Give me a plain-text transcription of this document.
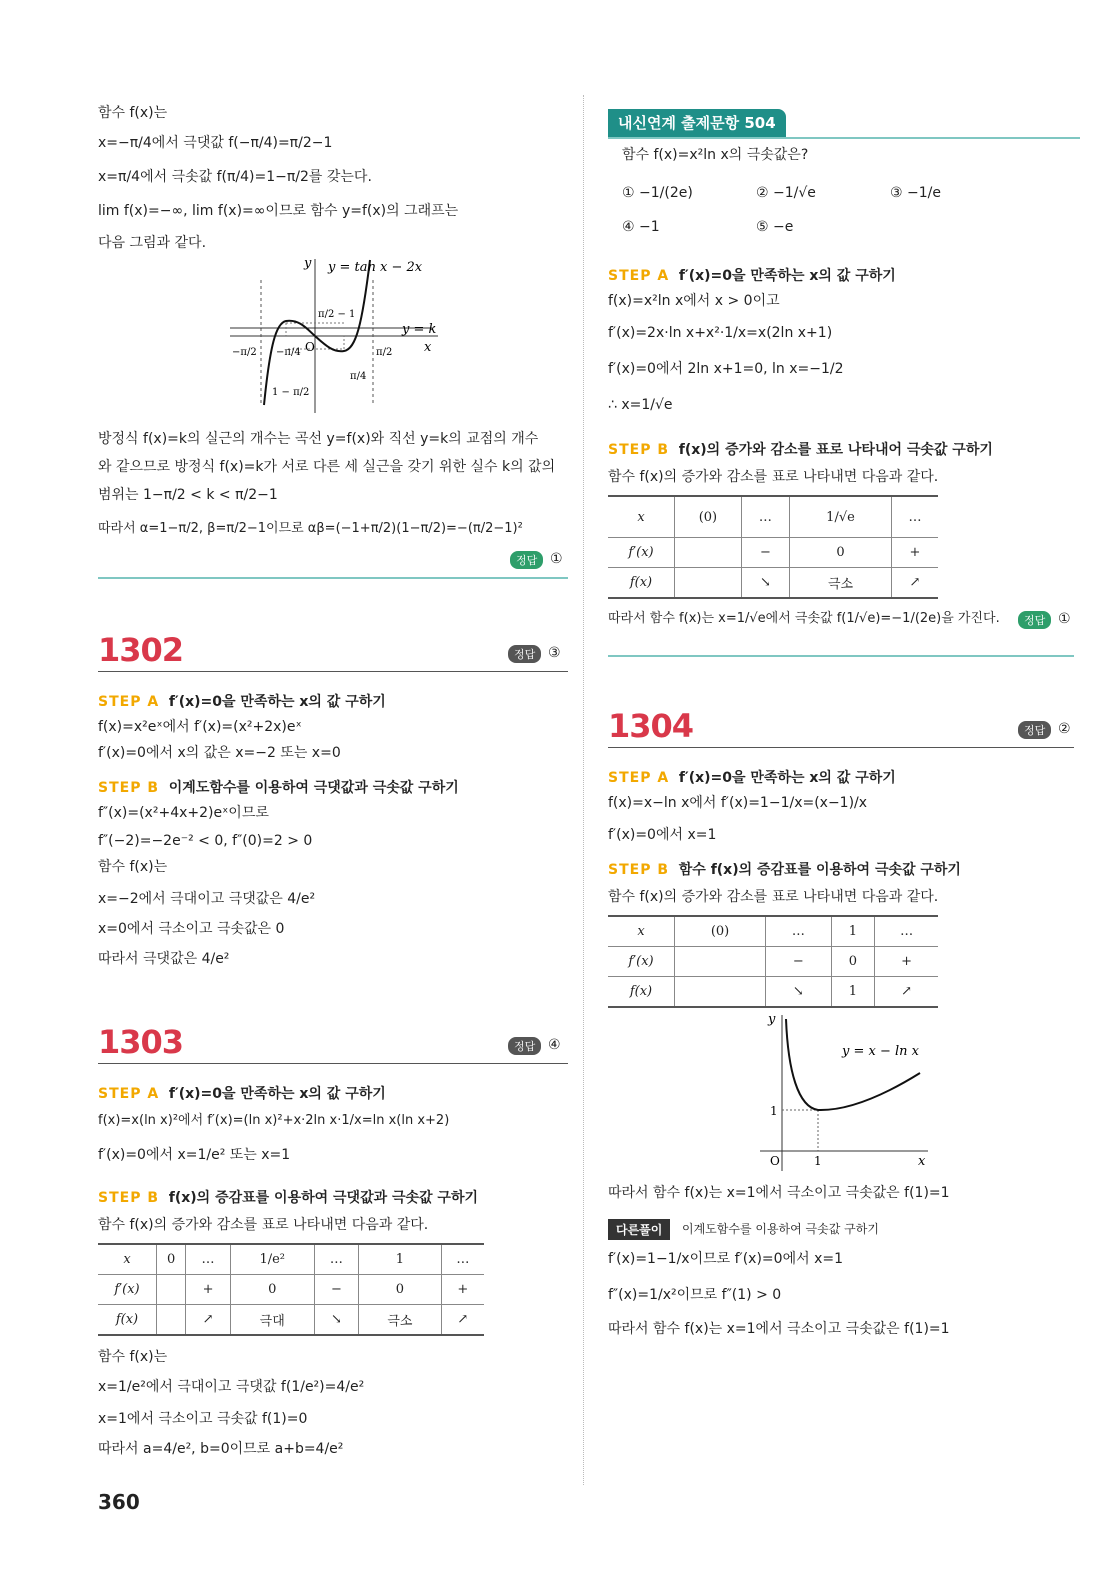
함수 f(x)는
x=−π/4에서 극댓값 f(−π/4)=π/2−1
x=π/4에서 극솟값 f(π/4)=1−π/2를 갖는다.
lim f(x)=−∞, lim f(x)=∞이므로 함수 y=f(x)의 그래프는
다음 그림과 같다.
y = tan x − 2x
y = k
x
y
O
−π/2 −π/4
π/4
π/2
π/2 − 1
1 − π/2
방정식 f(x)=k의 실근의 개수는 곡선 y=f(x)와 직선 y=k의 교점의 개수
와 같으므로 방정식 f(x)=k가 서로 다른 세 실근을 갖기 위한 실수 k의 값의
범위는 1−π/2 < k < π/2−1
따라서 α=1−π/2, β=π/2−1이므로 αβ=(−1+π/2)(1−π/2)=−(π/2−1)²
정답 ①
1302	정답 ③
STEP A f′(x)=0을 만족하는 x의 값 구하기
f(x)=x²eˣ에서 f′(x)=(x²+2x)eˣ
f′(x)=0에서 x의 값은 x=−2 또는 x=0
STEP B 이계도함수를 이용하여 극댓값과 극솟값 구하기
f″(x)=(x²+4x+2)eˣ이므로
f″(−2)=−2e⁻² < 0, f″(0)=2 > 0
함수 f(x)는
x=−2에서 극대이고 극댓값은 4/e²
x=0에서 극소이고 극솟값은 0
따라서 극댓값은 4/e²
1303	정답 ④
STEP A f′(x)=0을 만족하는 x의 값 구하기
f(x)=x(ln x)²에서 f′(x)=(ln x)²+x·2ln x·1/x=ln x(ln x+2)
f′(x)=0에서 x=1/e² 또는 x=1
STEP B f(x)의 증감표를 이용하여 극댓값과 극솟값 구하기
함수 f(x)의 증가와 감소를 표로 나타내면 다음과 같다.
x	0	…	1/e²	…	1	…
f′(x)		+	0	−	0	+
f(x)		↗	극대	↘	극소	↗
함수 f(x)는
x=1/e²에서 극대이고 극댓값 f(1/e²)=4/e²
x=1에서 극소이고 극솟값 f(1)=0
따라서 a=4/e², b=0이므로 a+b=4/e²
내신연계 출제문항 504
함수 f(x)=x²ln x의 극솟값은?
① −1/(2e)	② −1/√e	③ −1/e
④ −1	⑤ −e
STEP A f′(x)=0을 만족하는 x의 값 구하기
f(x)=x²ln x에서 x > 0이고
f′(x)=2x·ln x+x²·1/x=x(2ln x+1)
f′(x)=0에서 2ln x+1=0, ln x=−1/2
∴ x=1/√e
STEP B f(x)의 증가와 감소를 표로 나타내어 극솟값 구하기
함수 f(x)의 증가와 감소를 표로 나타내면 다음과 같다.
x	(0)	…	1/√e	…
f′(x)		−	0	+
f(x)		↘	극소	↗
따라서 함수 f(x)는 x=1/√e에서 극솟값 f(1/√e)=−1/(2e)을 가진다.	정답 ①
1304	정답 ②
STEP A f′(x)=0을 만족하는 x의 값 구하기
f(x)=x−ln x에서 f′(x)=1−1/x=(x−1)/x
f′(x)=0에서 x=1
STEP B 함수 f(x)의 증감표를 이용하여 극솟값 구하기
함수 f(x)의 증가와 감소를 표로 나타내면 다음과 같다.
x	(0)	…	1	…
f′(x)		−	0	+
f(x)		↘	1	↗
y = x − ln x
x
y
O	1
1
따라서 함수 f(x)는 x=1에서 극소이고 극솟값은 f(1)=1
다른풀이	이계도함수를 이용하여 극솟값 구하기
f′(x)=1−1/x이므로 f′(x)=0에서 x=1
f″(x)=1/x²이므로 f″(1) > 0
따라서 함수 f(x)는 x=1에서 극소이고 극솟값은 f(1)=1
360
